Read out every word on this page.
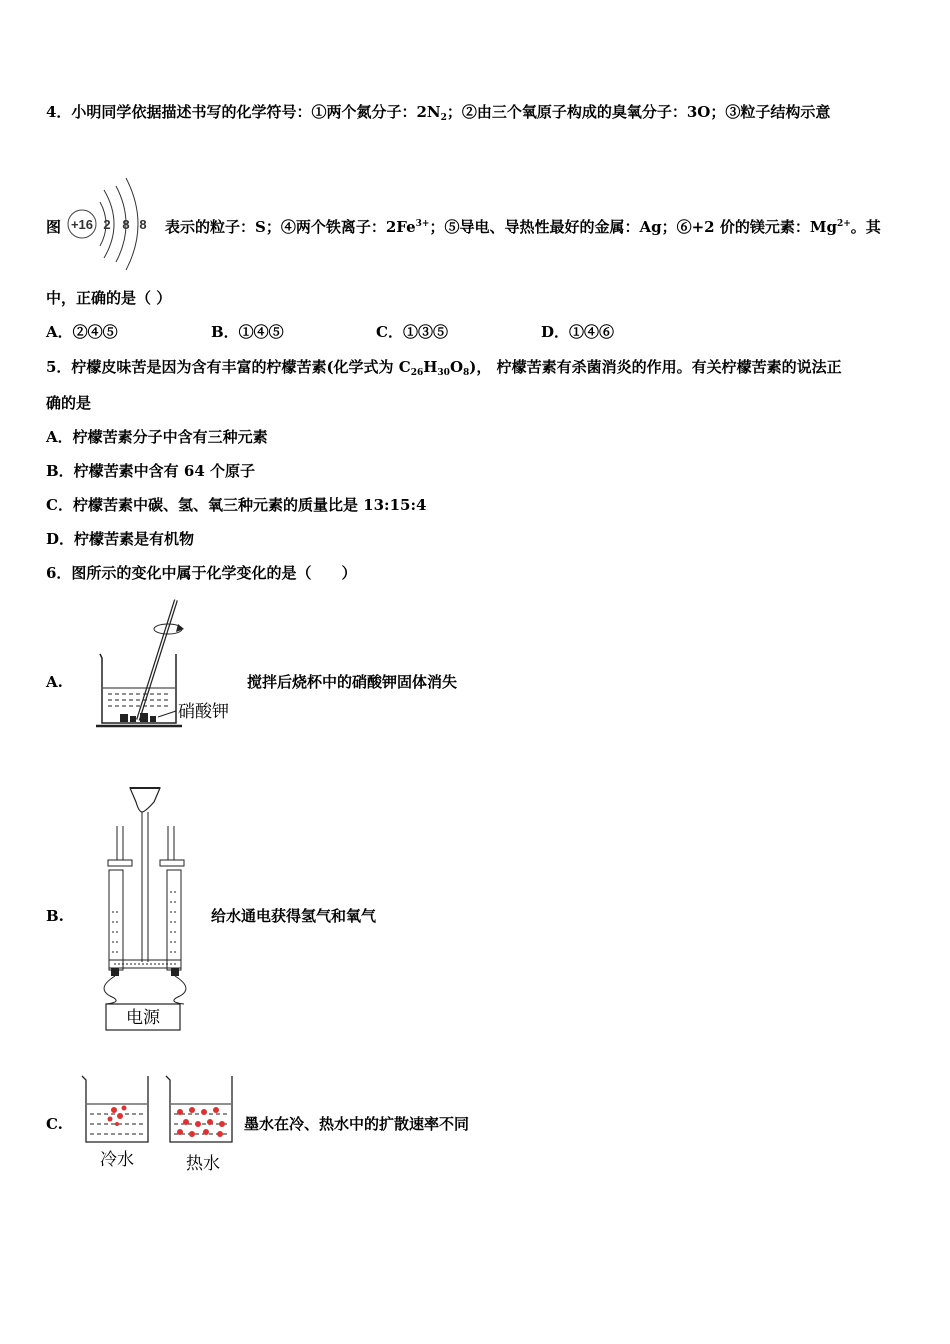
4．小明同学依据描述书写的化学符号：①两个氮分子：$2N_2$；②由三个氧原子构成的臭氧分子：3O；③粒子结构示意
图	表示的粒子：S；④两个铁离子：$2Fe^{3+}$；⑤导电、导热性最好的金属：Ag；⑥+2 价的镁元素：$Mg^{2+}$。其
+16 2 8 8
中，正确的是（ ）
A．②④⑤	B．①④⑤	C．①③⑤	D．①④⑥
5．柠檬皮味苦是因为含有丰富的柠檬苦素(化学式为 $C_{26}H_{30}O_8$)， 柠檬苦素有杀菌消炎的作用。有关柠檬苦素的说法正
确的是
A．柠檬苦素分子中含有三种元素
B．柠檬苦素中含有 64 个原子
C．柠檬苦素中碳、氢、氧三种元素的质量比是 13:15:4
D．柠檬苦素是有机物
6．图所示的变化中属于化学变化的是（　　）
A.
硝酸钾
搅拌后烧杯中的硝酸钾固体消失
B.
电源
给水通电获得氢气和氧气
C.
冷水	热水
墨水在冷、热水中的扩散速率不同
